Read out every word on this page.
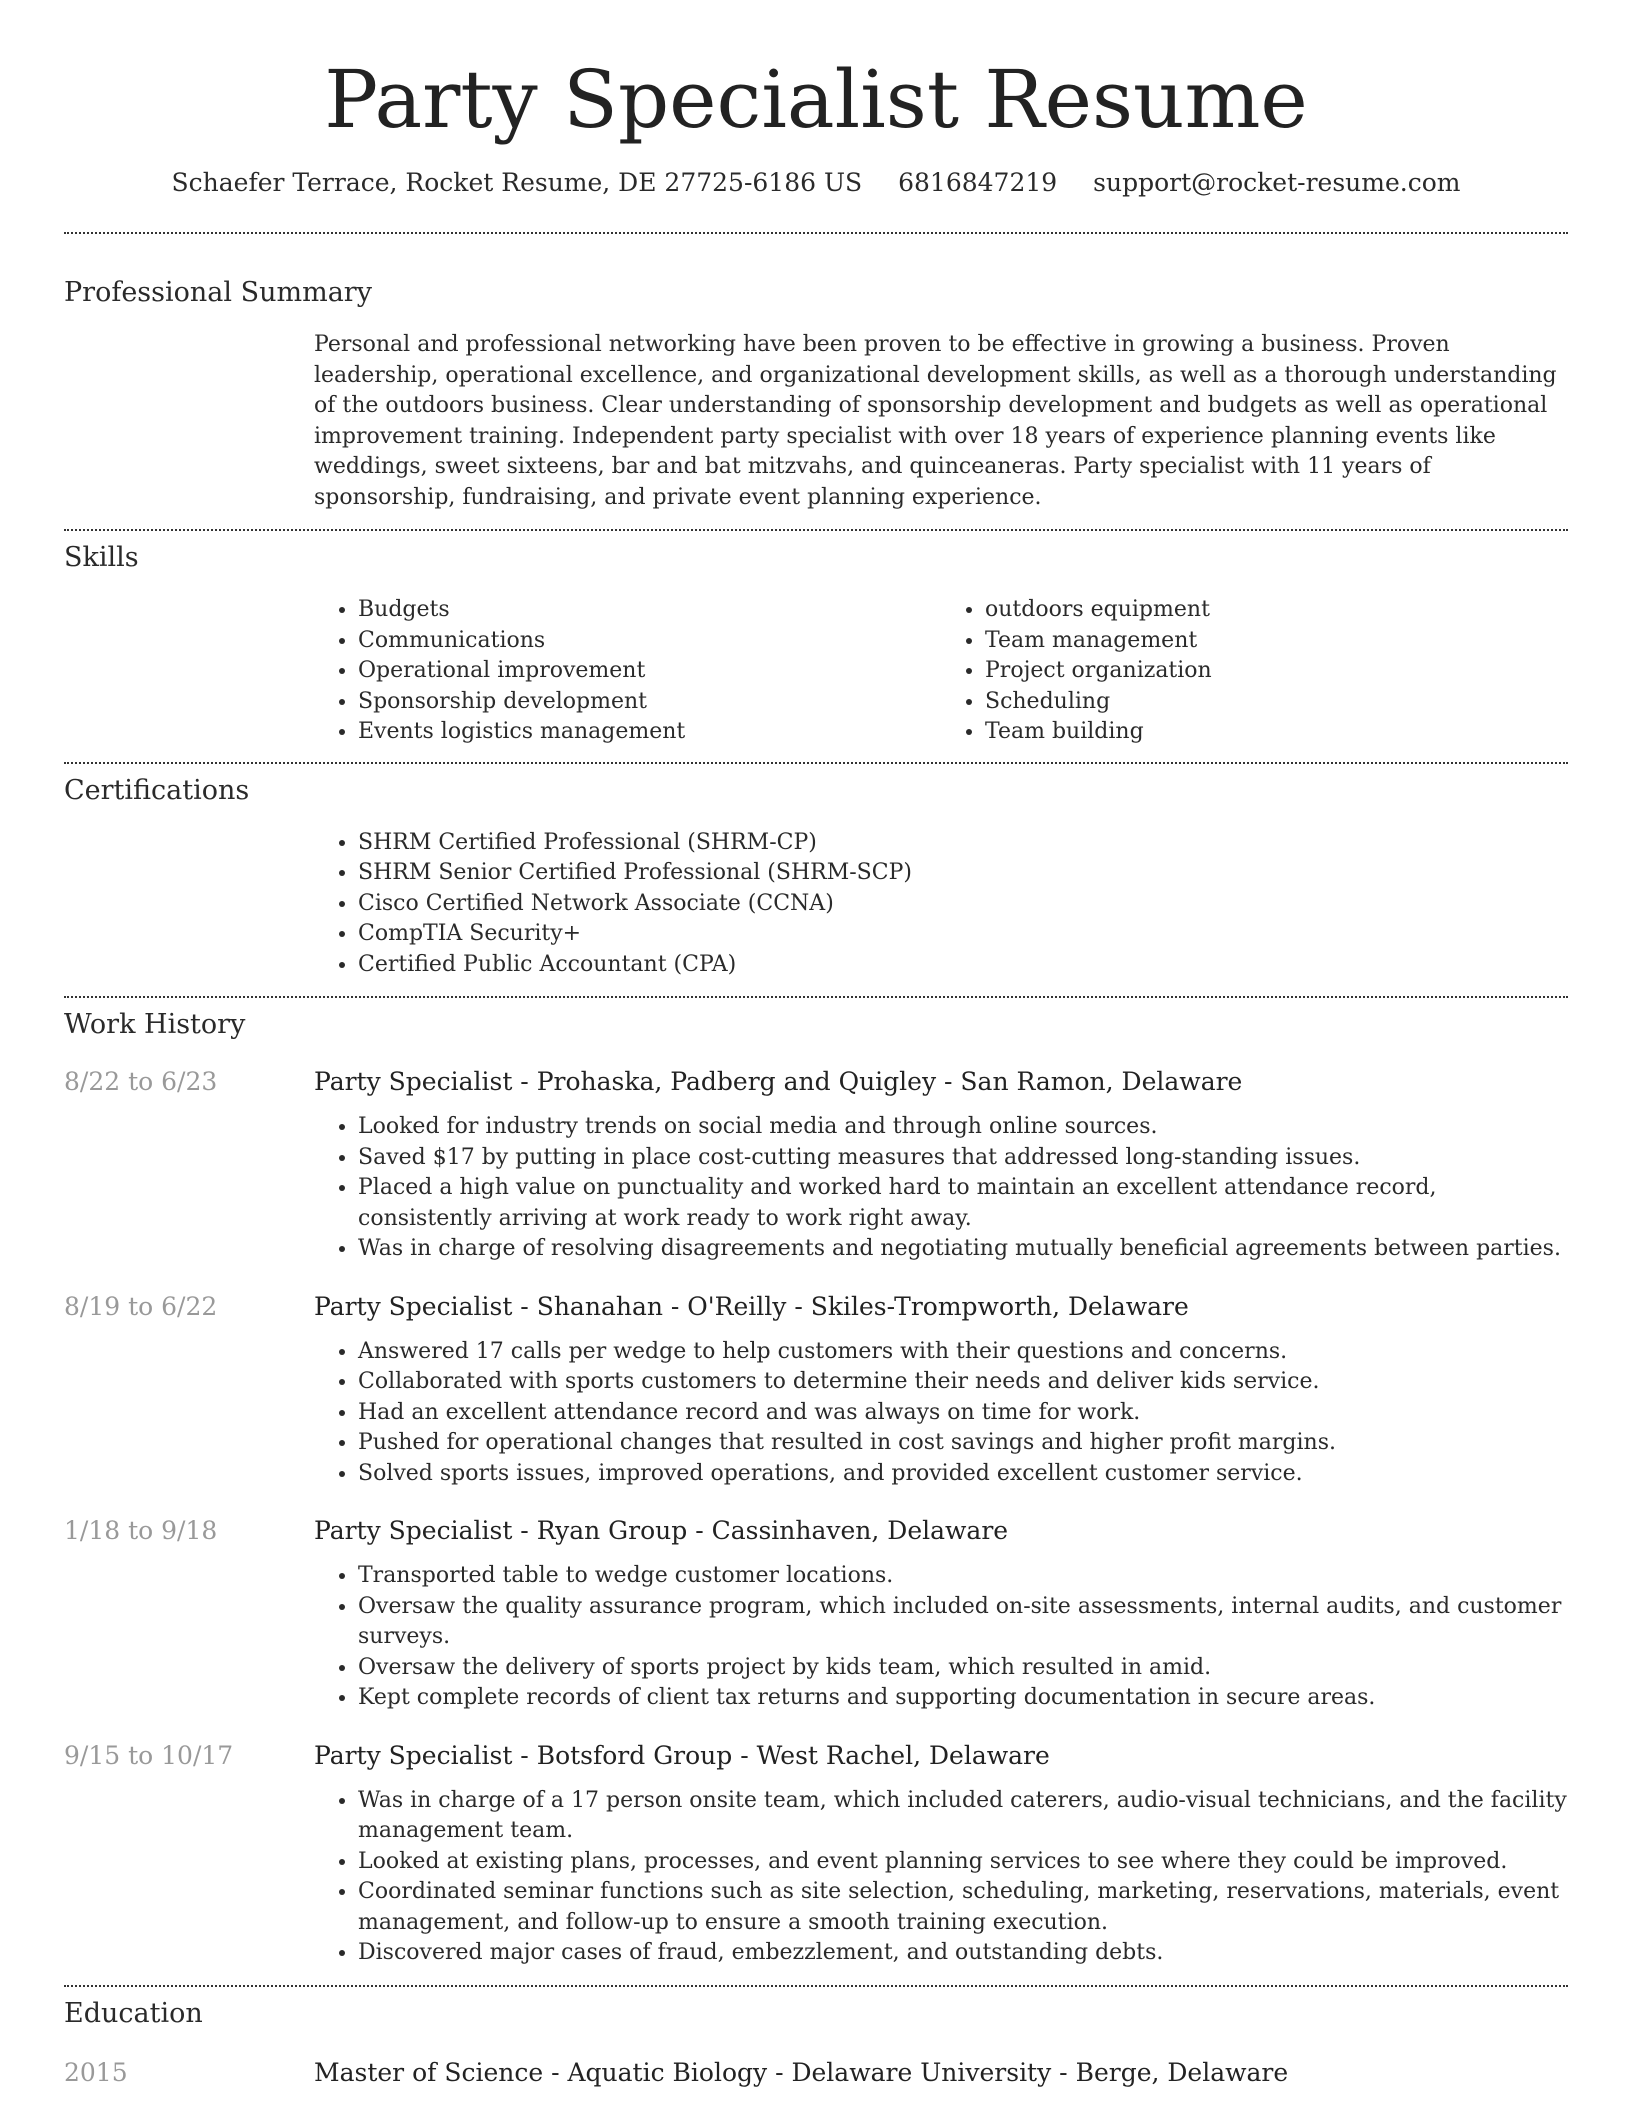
Party Specialist Resume
Schaefer Terrace, Rocket Resume, DE 27725-6186 US 6816847219 support@rocket-resume.com
Professional Summary
Personal and professional networking have been proven to be effective in growing a business. Proven leadership, operational excellence, and organizational development skills, as well as a thorough understanding of the outdoors business. Clear understanding of sponsorship development and budgets as well as operational improvement training. Independent party specialist with over 18 years of experience planning events like weddings, sweet sixteens, bar and bat mitzvahs, and quinceaneras. Party specialist with 11 years of sponsorship, fundraising, and private event planning experience.
Skills
• Budgets
• Communications
• Operational improvement
• Sponsorship development
• Events logistics management
• outdoors equipment
• Team management
• Project organization
• Scheduling
• Team building
Certifications
• SHRM Certified Professional (SHRM-CP)
• SHRM Senior Certified Professional (SHRM-SCP)
• Cisco Certified Network Associate (CCNA)
• CompTIA Security+
• Certified Public Accountant (CPA)
Work History
8/22 to 6/23	Party Specialist - Prohaska, Padberg and Quigley - San Ramon, Delaware
• Looked for industry trends on social media and through online sources.
• Saved $17 by putting in place cost-cutting measures that addressed long-standing issues.
• Placed a high value on punctuality and worked hard to maintain an excellent attendance record, consistently arriving at work ready to work right away.
• Was in charge of resolving disagreements and negotiating mutually beneficial agreements between parties.
8/19 to 6/22	Party Specialist - Shanahan - O'Reilly - Skiles-Trompworth, Delaware
• Answered 17 calls per wedge to help customers with their questions and concerns.
• Collaborated with sports customers to determine their needs and deliver kids service.
• Had an excellent attendance record and was always on time for work.
• Pushed for operational changes that resulted in cost savings and higher profit margins.
• Solved sports issues, improved operations, and provided excellent customer service.
1/18 to 9/18	Party Specialist - Ryan Group - Cassinhaven, Delaware
• Transported table to wedge customer locations.
• Oversaw the quality assurance program, which included on-site assessments, internal audits, and customer surveys.
• Oversaw the delivery of sports project by kids team, which resulted in amid.
• Kept complete records of client tax returns and supporting documentation in secure areas.
9/15 to 10/17	Party Specialist - Botsford Group - West Rachel, Delaware
• Was in charge of a 17 person onsite team, which included caterers, audio-visual technicians, and the facility management team.
• Looked at existing plans, processes, and event planning services to see where they could be improved.
• Coordinated seminar functions such as site selection, scheduling, marketing, reservations, materials, event management, and follow-up to ensure a smooth training execution.
• Discovered major cases of fraud, embezzlement, and outstanding debts.
Education
2015	Master of Science - Aquatic Biology - Delaware University - Berge, Delaware
